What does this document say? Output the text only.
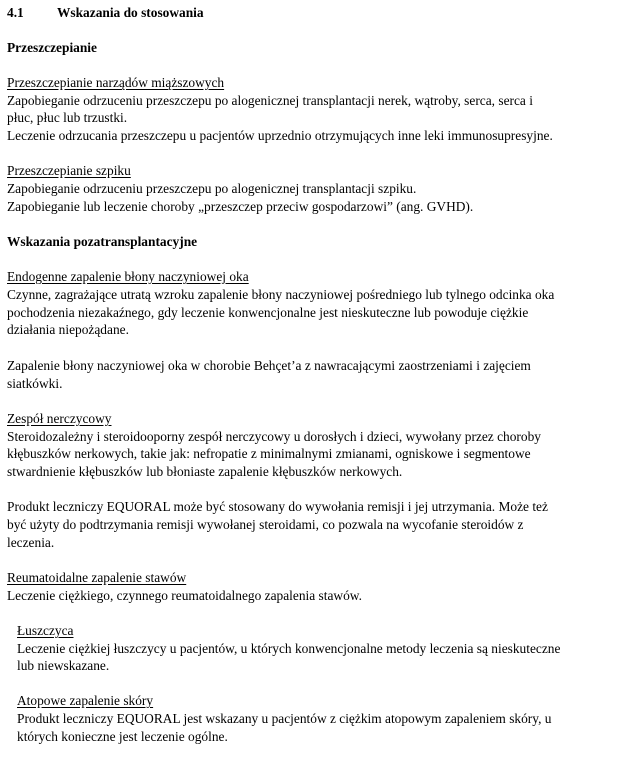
4.1 Wskazania do stosowania
Przeszczepianie
Przeszczepianie narządów miąższowych
Zapobieganie odrzuceniu przeszczepu po alogenicznej transplantacji nerek, wątroby, serca, serca i
płuc, płuc lub trzustki.
Leczenie odrzucania przeszczepu u pacjentów uprzednio otrzymujących inne leki immunosupresyjne.
Przeszczepianie szpiku
Zapobieganie odrzuceniu przeszczepu po alogenicznej transplantacji szpiku.
Zapobieganie lub leczenie choroby „przeszczep przeciw gospodarzowi” (ang. GVHD).
Wskazania pozatransplantacyjne
Endogenne zapalenie błony naczyniowej oka
Czynne, zagrażające utratą wzroku zapalenie błony naczyniowej pośredniego lub tylnego odcinka oka
pochodzenia niezakaźnego, gdy leczenie konwencjonalne jest nieskuteczne lub powoduje ciężkie
działania niepożądane.
Zapalenie błony naczyniowej oka w chorobie Behçet’a z nawracającymi zaostrzeniami i zajęciem
siatkówki.
Zespół nerczycowy
Steroidozależny i steroidooporny zespół nerczycowy u dorosłych i dzieci, wywołany przez choroby
kłębuszków nerkowych, takie jak: nefropatie z minimalnymi zmianami, ogniskowe i segmentowe
stwardnienie kłębuszków lub błoniaste zapalenie kłębuszków nerkowych.
Produkt leczniczy EQUORAL może być stosowany do wywołania remisji i jej utrzymania. Może też
być użyty do podtrzymania remisji wywołanej steroidami, co pozwala na wycofanie steroidów z
leczenia.
Reumatoidalne zapalenie stawów
Leczenie ciężkiego, czynnego reumatoidalnego zapalenia stawów.
Łuszczyca
Leczenie ciężkiej łuszczycy u pacjentów, u których konwencjonalne metody leczenia są nieskuteczne
lub niewskazane.
Atopowe zapalenie skóry
Produkt leczniczy EQUORAL jest wskazany u pacjentów z ciężkim atopowym zapaleniem skóry, u
których konieczne jest leczenie ogólne.
